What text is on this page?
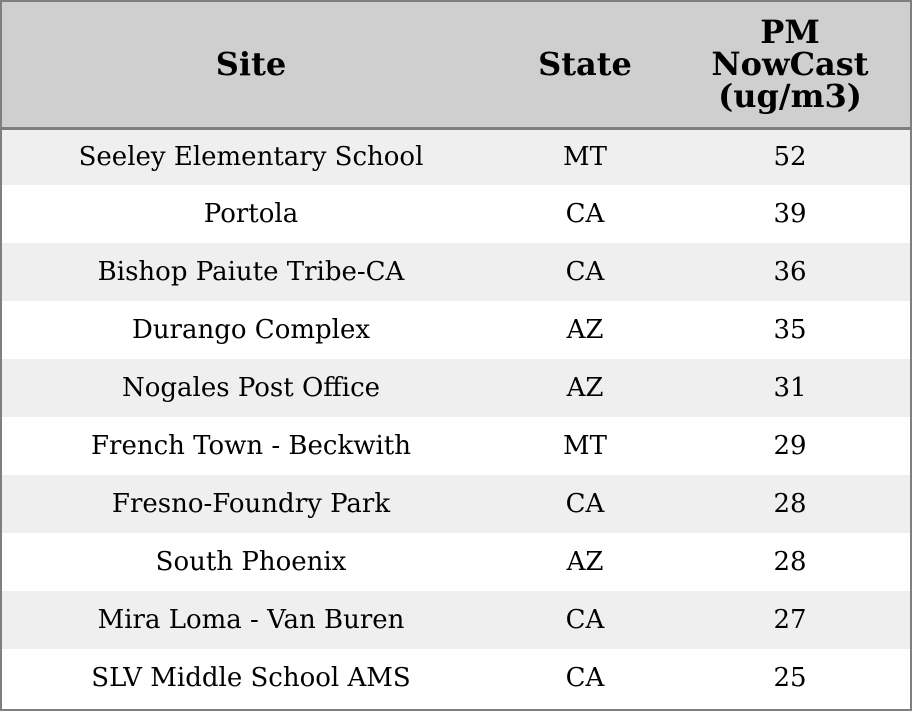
Site	State	PM
NowCast
(ug/m3)

Seeley Elementary School	MT	52
Portola	CA	39
Bishop Paiute Tribe-CA	CA	36
Durango Complex	AZ	35
Nogales Post Office	AZ	31
French Town - Beckwith	MT	29
Fresno-Foundry Park	CA	28
South Phoenix	AZ	28
Mira Loma - Van Buren	CA	27
SLV Middle School AMS	CA	25
